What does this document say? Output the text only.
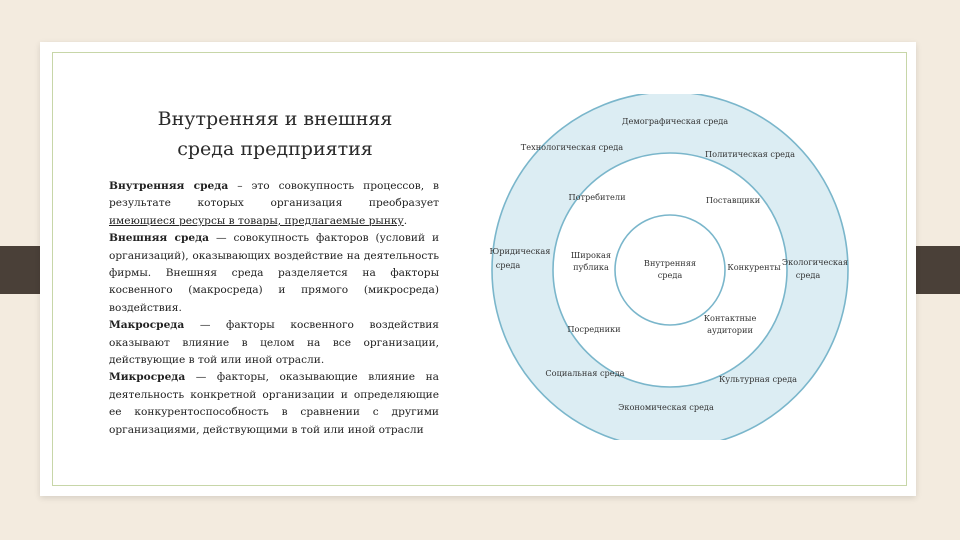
Внутренняя и внешняя
среда предприятия

Внутренняя среда – это совокупность процессов, в результате которых организация преобразует имеющиеся ресурсы в товары, предлагаемые рынку.

Внешняя среда — совокупность факторов (условий и организаций), оказывающих воздействие на деятельность фирмы. Внешняя среда разделяется на факторы косвенного (макросреда) и прямого (микросреда) воздействия.

Макросреда — факторы косвенного воздействия оказывают влияние в целом на все организации, действующие в той или иной отрасли.

Микросреда — факторы, оказывающие влияние на деятельность конкретной организации и определяющие ее конкурентоспособность в сравнении с другими организациями, действующими в той или иной отрасли

Внутренняя
среда
Потребители	Поставщики
Широкая
публика	Конкуренты
Посредники
Контактные
аудитории
Демографическая среда
Технологическая среда
Политическая среда
Юридическая
среда	Экологическая
среда
Социальная среда
Культурная среда
Экономическая среда
